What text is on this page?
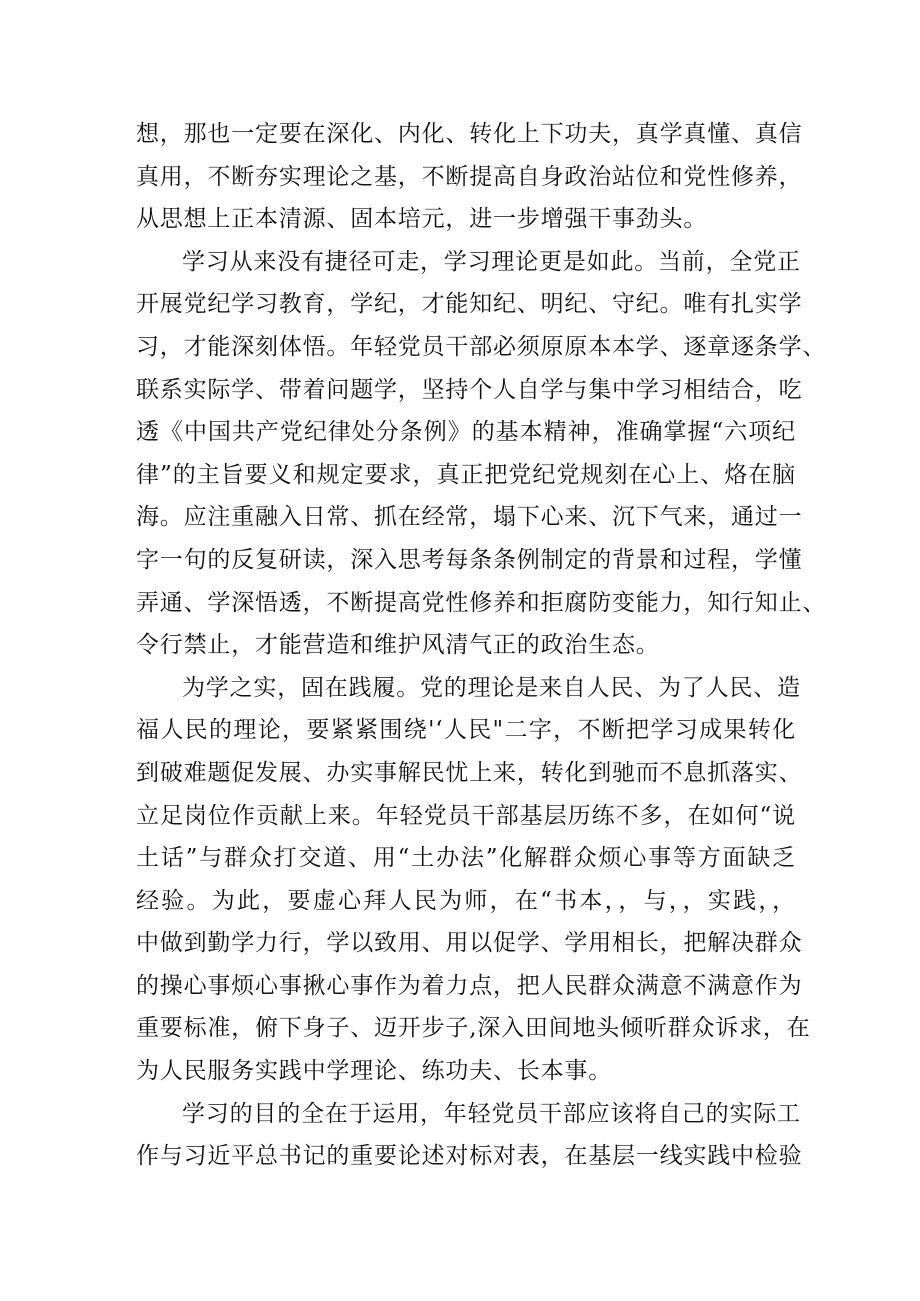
想，那也一定要在深化、内化、转化上下功夫，真学真懂、真信
真用，不断夯实理论之基，不断提高自身政治站位和党性修养，
从思想上正本清源、固本培元，进一步增强干事劲头。
学习从来没有捷径可走，学习理论更是如此。当前，全党正
开展党纪学习教育，学纪，才能知纪、明纪、守纪。唯有扎实学
习，才能深刻体悟。年轻党员干部必须原原本本学、逐章逐条学、
联系实际学、带着问题学，坚持个人自学与集中学习相结合，吃
透《中国共产党纪律处分条例》的基本精神，准确掌握“六项纪
律”的主旨要义和规定要求，真正把党纪党规刻在心上、烙在脑
海。应注重融入日常、抓在经常，塌下心来、沉下气来，通过一
字一句的反复研读，深入思考每条条例制定的背景和过程，学懂
弄通、学深悟透，不断提高党性修养和拒腐防变能力，知行知止、
令行禁止，才能营造和维护风清气正的政治生态。
为学之实，固在践履。党的理论是来自人民、为了人民、造
福人民的理论，要紧紧围绕'‘人民"二字，不断把学习成果转化
到破难题促发展、办实事解民忧上来，转化到驰而不息抓落实、
立足岗位作贡献上来。年轻党员干部基层历练不多，在如何“说
土话”与群众打交道、用“土办法”化解群众烦心事等方面缺乏
经验。为此，要虚心拜人民为师，在“书本，，与，，实践，，
中做到勤学力行，学以致用、用以促学、学用相长，把解决群众
的操心事烦心事揪心事作为着力点，把人民群众满意不满意作为
重要标准，俯下身子、迈开步子,深入田间地头倾听群众诉求，在
为人民服务实践中学理论、练功夫、长本事。
学习的目的全在于运用，年轻党员干部应该将自己的实际工
作与习近平总书记的重要论述对标对表，在基层一线实践中检验
